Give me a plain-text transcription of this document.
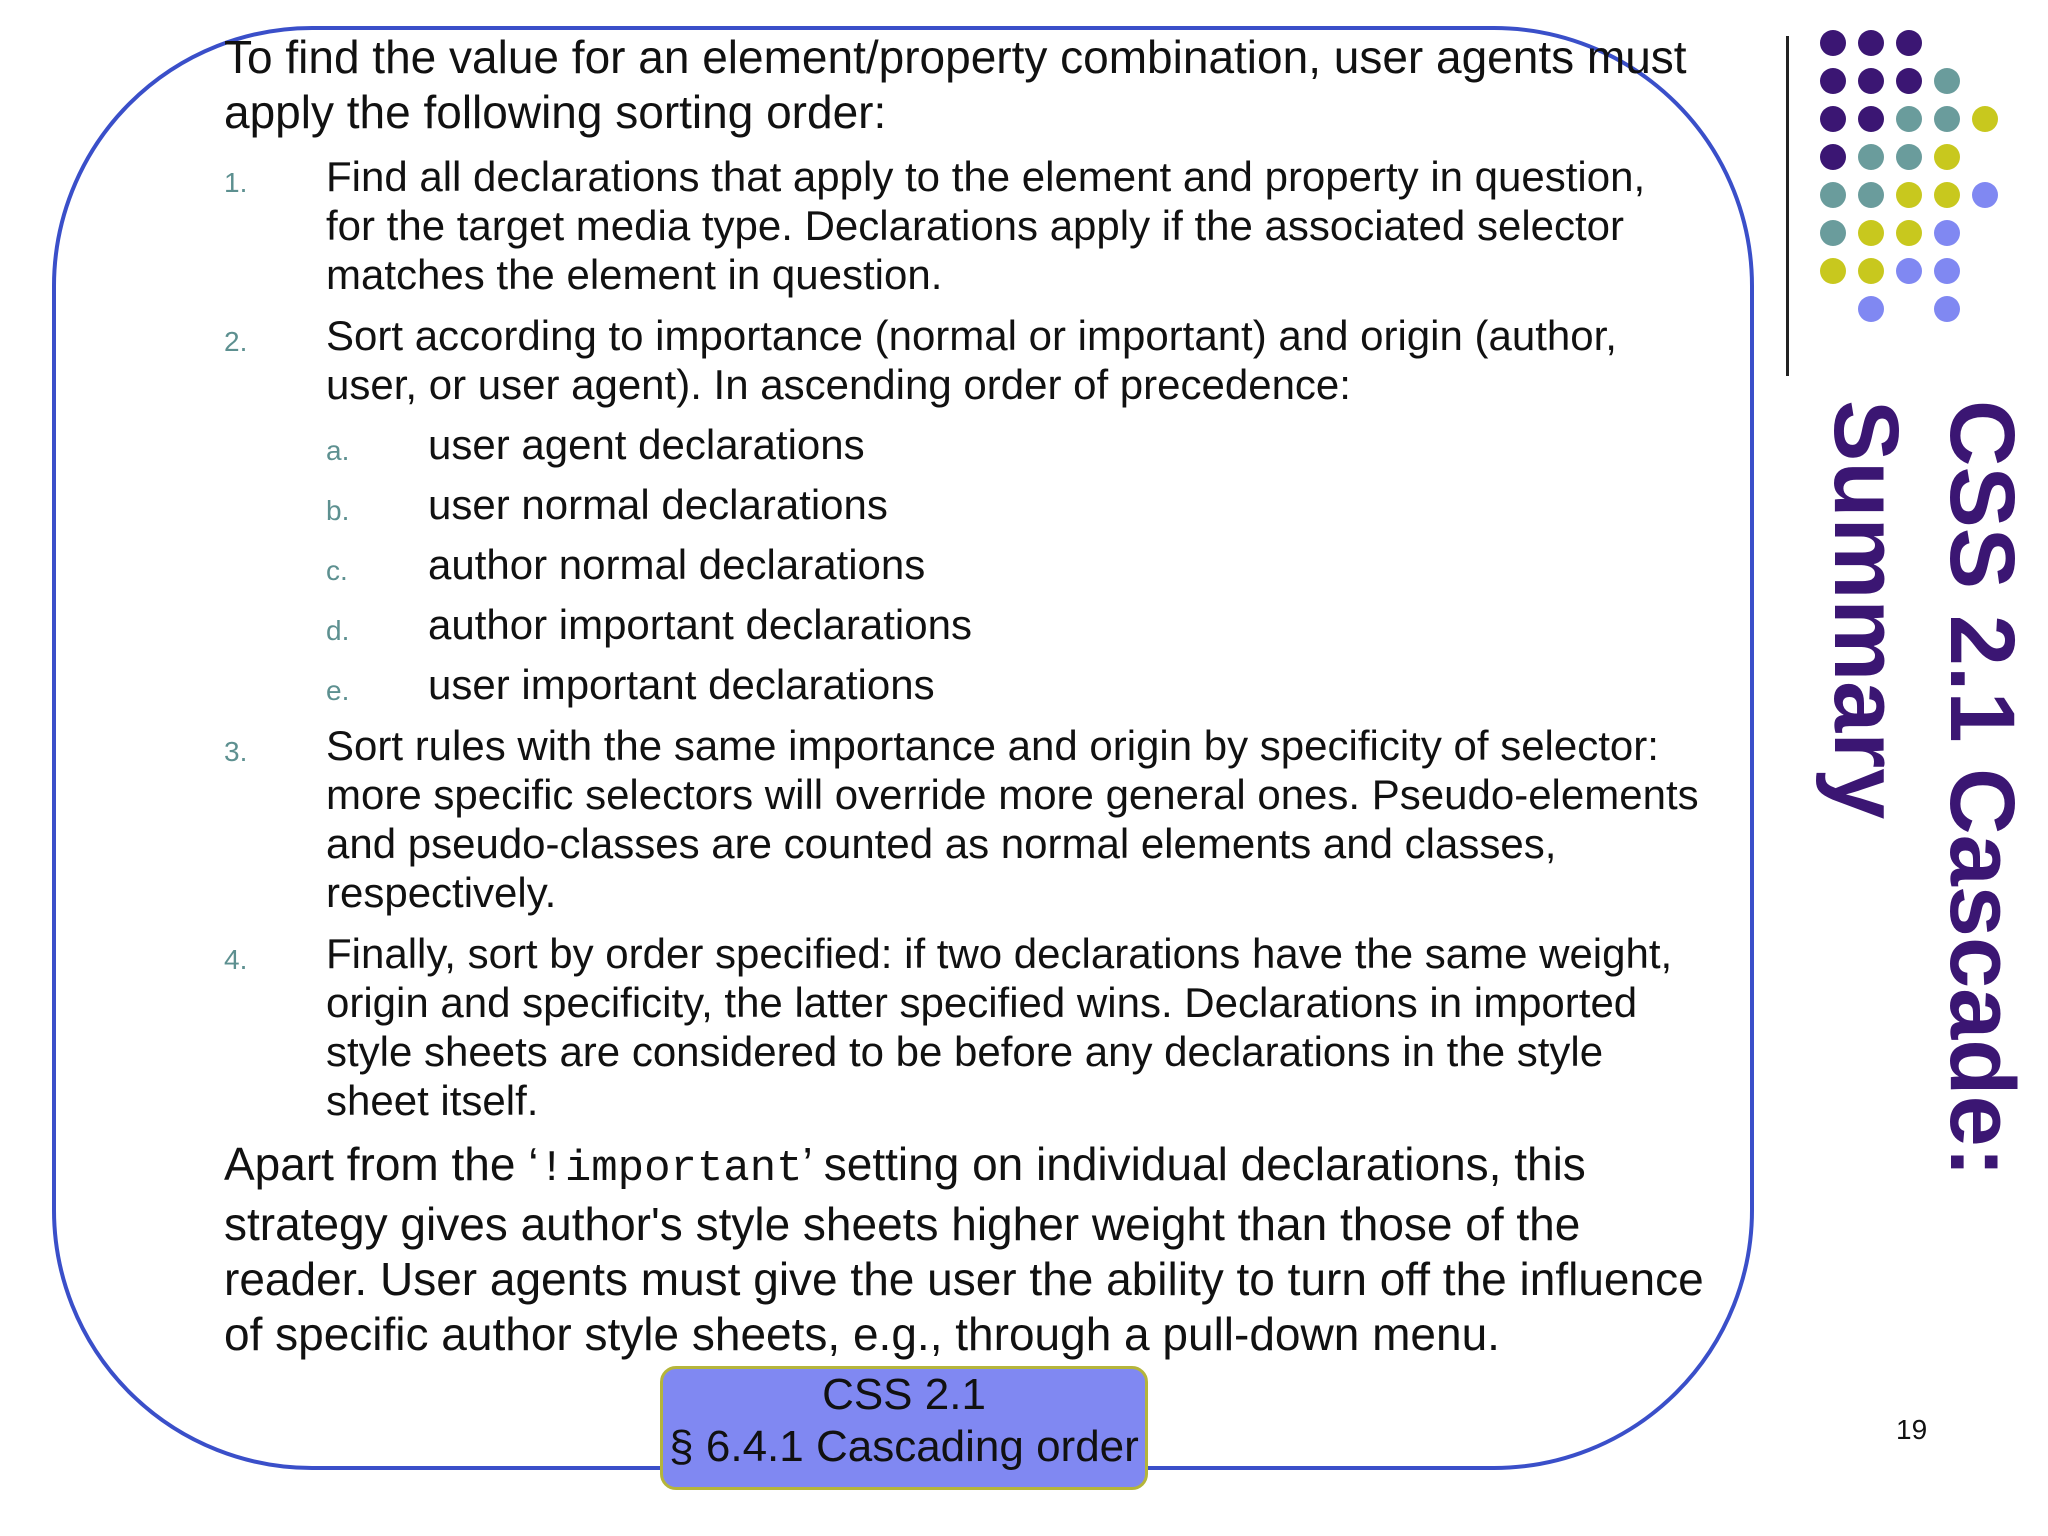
CSS 2.1 Cascade:
Summary

To find the value for an element/property combination, user agents must apply the following sorting order:

1. Find all declarations that apply to the element and property in question, for the target media type. Declarations apply if the associated selector matches the element in question.
2. Sort according to importance (normal or important) and origin (author, user, or user agent). In ascending order of precedence:
a. user agent declarations
b. user normal declarations
c. author normal declarations
d. author important declarations
e. user important declarations
3. Sort rules with the same importance and origin by specificity of selector: more specific selectors will override more general ones. Pseudo-elements and pseudo-classes are counted as normal elements and classes, respectively.
4. Finally, sort by order specified: if two declarations have the same weight, origin and specificity, the latter specified wins. Declarations in imported style sheets are considered to be before any declarations in the style sheet itself.

Apart from the ‘!important’ setting on individual declarations, this strategy gives author's style sheets higher weight than those of the reader. User agents must give the user the ability to turn off the influence of specific author style sheets, e.g., through a pull-down menu.

CSS 2.1
§ 6.4.1 Cascading order	19
